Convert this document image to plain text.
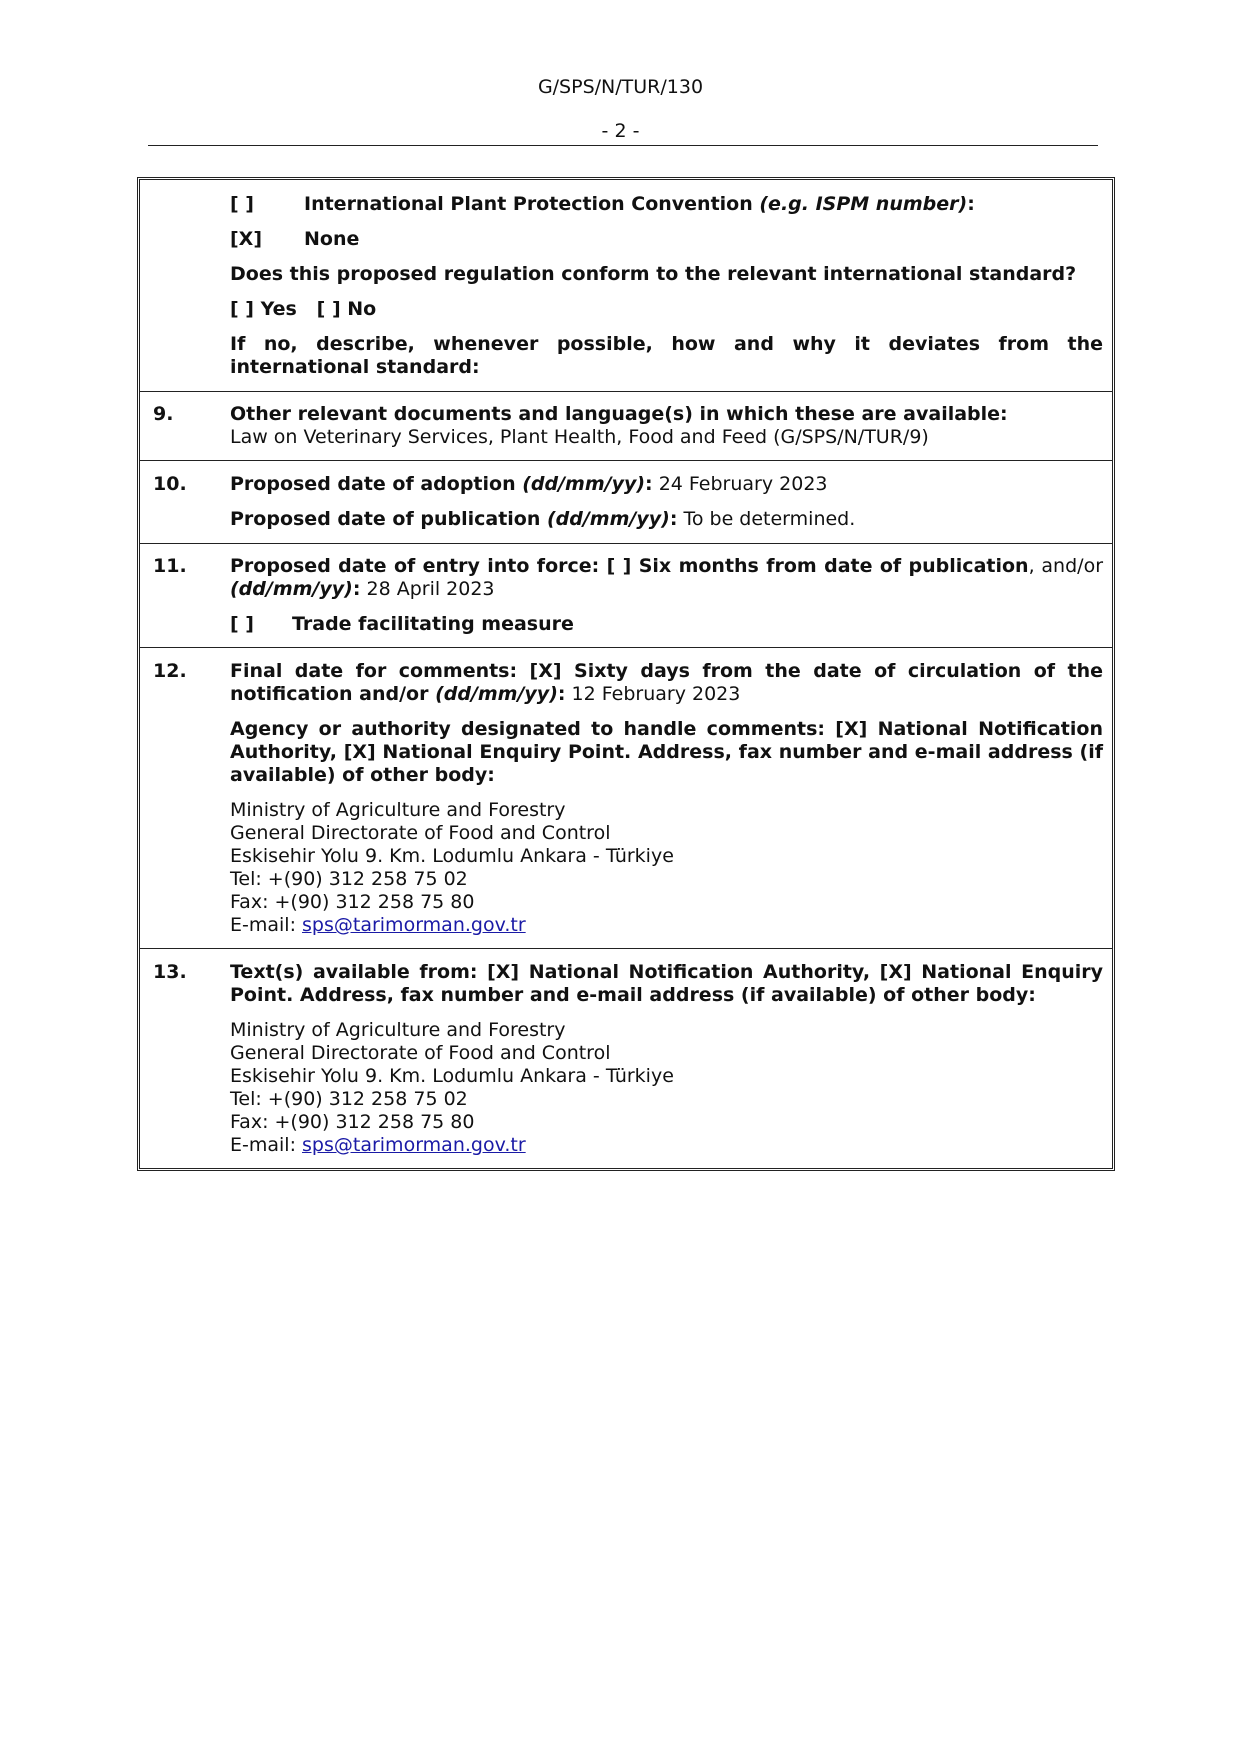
G/SPS/N/TUR/130
- 2 -

[ ]	International Plant Protection Convention (e.g. ISPM number):

[X] None

Does this proposed regulation conform to the relevant international standard?

[ ] Yes   [ ] No

If no, describe, whenever possible, how and why it deviates from the international standard:

9.	Other relevant documents and language(s) in which these are available:

Law on Veterinary Services, Plant Health, Food and Feed (G/SPS/N/TUR/9)

10. Proposed date of adoption (dd/mm/yy): 24 February 2023

Proposed date of publication (dd/mm/yy): To be determined.

11. Proposed date of entry into force: [ ] Six months from date of publication, and/or (dd/mm/yy): 28 April 2023

[ ] Trade facilitating measure

12. Final date for comments: [X] Sixty days from the date of circulation of the notification and/or (dd/mm/yy): 12 February 2023

Agency or authority designated to handle comments: [X] National Notification Authority, [X] National Enquiry Point. Address, fax number and e-mail address (if available) of other body:

Ministry of Agriculture and Forestry
General Directorate of Food and Control
Eskisehir Yolu 9. Km. Lodumlu Ankara - Türkiye
Tel: +(90) 312 258 75 02
Fax: +(90) 312 258 75 80
E-mail: sps@tarimorman.gov.tr
13. Text(s) available from: [X] National Notification Authority, [X] National Enquiry Point. Address, fax number and e-mail address (if available) of other body:

Ministry of Agriculture and Forestry
General Directorate of Food and Control
Eskisehir Yolu 9. Km. Lodumlu Ankara - Türkiye
Tel: +(90) 312 258 75 02
Fax: +(90) 312 258 75 80
E-mail: sps@tarimorman.gov.tr
